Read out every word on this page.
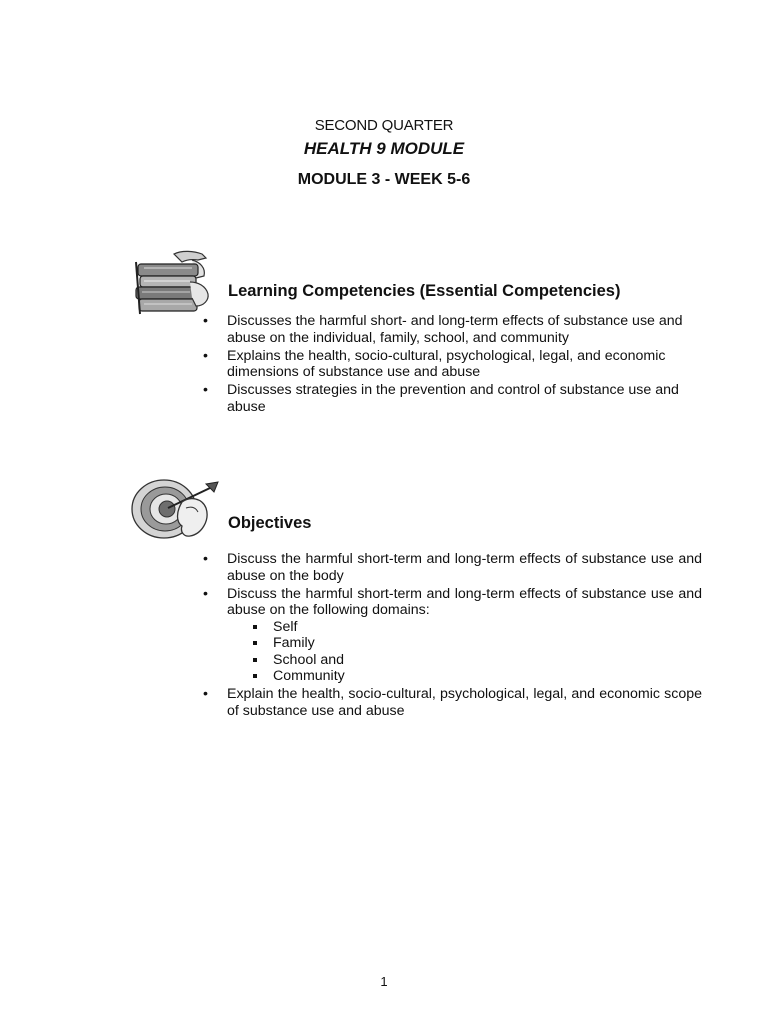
SECOND QUARTER
HEALTH 9 MODULE
MODULE 3 - WEEK 5-6
Learning Competencies (Essential Competencies)
• Discusses the harmful short- and long-term effects of substance use and abuse on the individual, family, school, and community
• Explains the health, socio-cultural, psychological, legal, and economic dimensions of substance use and abuse
• Discusses strategies in the prevention and control of substance use and abuse
Objectives
• Discuss the harmful short-term and long-term effects of substance use and abuse on the body
• Discuss the harmful short-term and long-term effects of substance use and abuse on the following domains:
Self
Family
School and
Community
• Explain the health, socio-cultural, psychological, legal, and economic scope of substance use and abuse
1
